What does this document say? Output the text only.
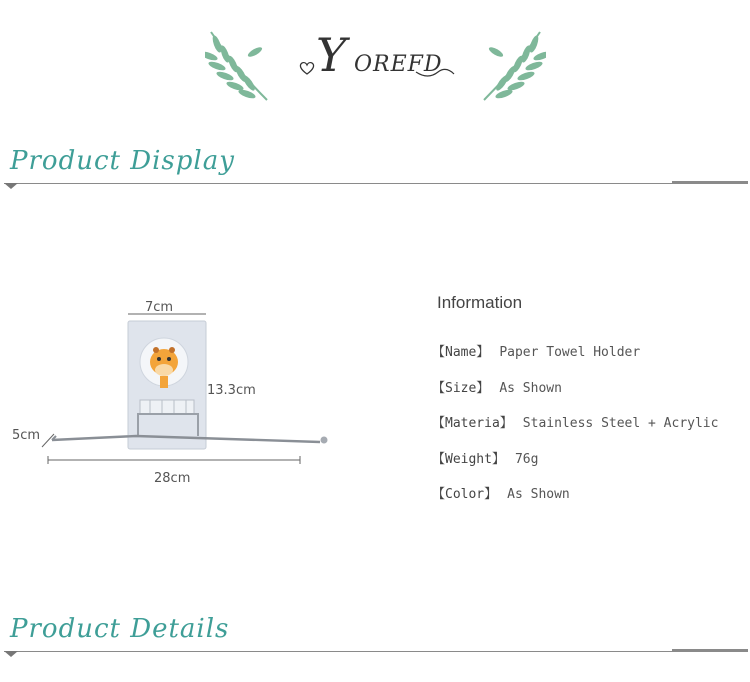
Y OREFD
Product Display
7cm
13.3cm
5cm
28cm
Information
【Name】 Paper Towel Holder
【Size】 As Shown
【Materia】 Stainless Steel + Acrylic
【Weight】 76g
【Color】 As Shown
Product Details
